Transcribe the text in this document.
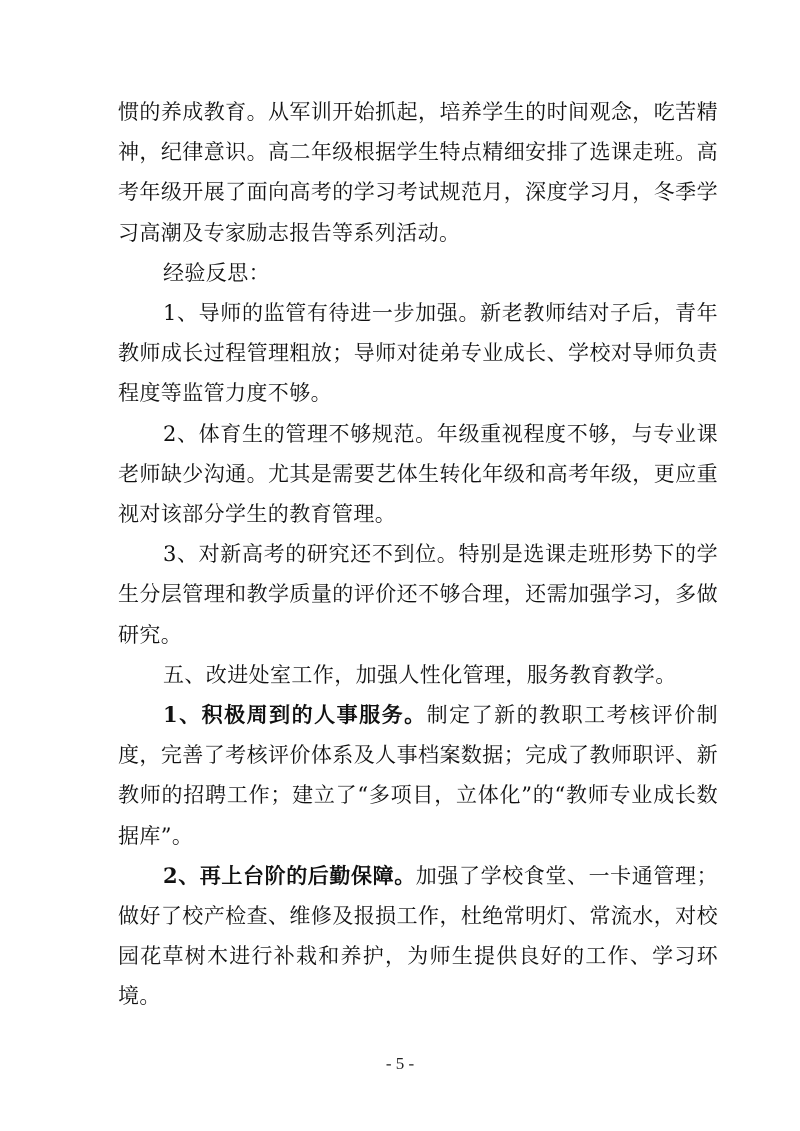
惯的养成教育。从军训开始抓起，培养学生的时间观念，吃苦精神，纪律意识。高二年级根据学生特点精细安排了选课走班。高考年级开展了面向高考的学习考试规范月，深度学习月，冬季学习高潮及专家励志报告等系列活动。

经验反思：

1、导师的监管有待进一步加强。新老教师结对子后，青年教师成长过程管理粗放；导师对徒弟专业成长、学校对导师负责程度等监管力度不够。

2、体育生的管理不够规范。年级重视程度不够，与专业课老师缺少沟通。尤其是需要艺体生转化年级和高考年级，更应重视对该部分学生的教育管理。

3、对新高考的研究还不到位。特别是选课走班形势下的学生分层管理和教学质量的评价还不够合理，还需加强学习，多做研究。

五、改进处室工作，加强人性化管理，服务教育教学。

1、积极周到的人事服务。制定了新的教职工考核评价制度，完善了考核评价体系及人事档案数据；完成了教师职评、新教师的招聘工作；建立了“多项目，立体化”的“教师专业成长数据库”。

2、再上台阶的后勤保障。加强了学校食堂、一卡通管理；做好了校产检查、维修及报损工作，杜绝常明灯、常流水，对校园花草树木进行补栽和养护，为师生提供良好的工作、学习环境。

- 5 -
